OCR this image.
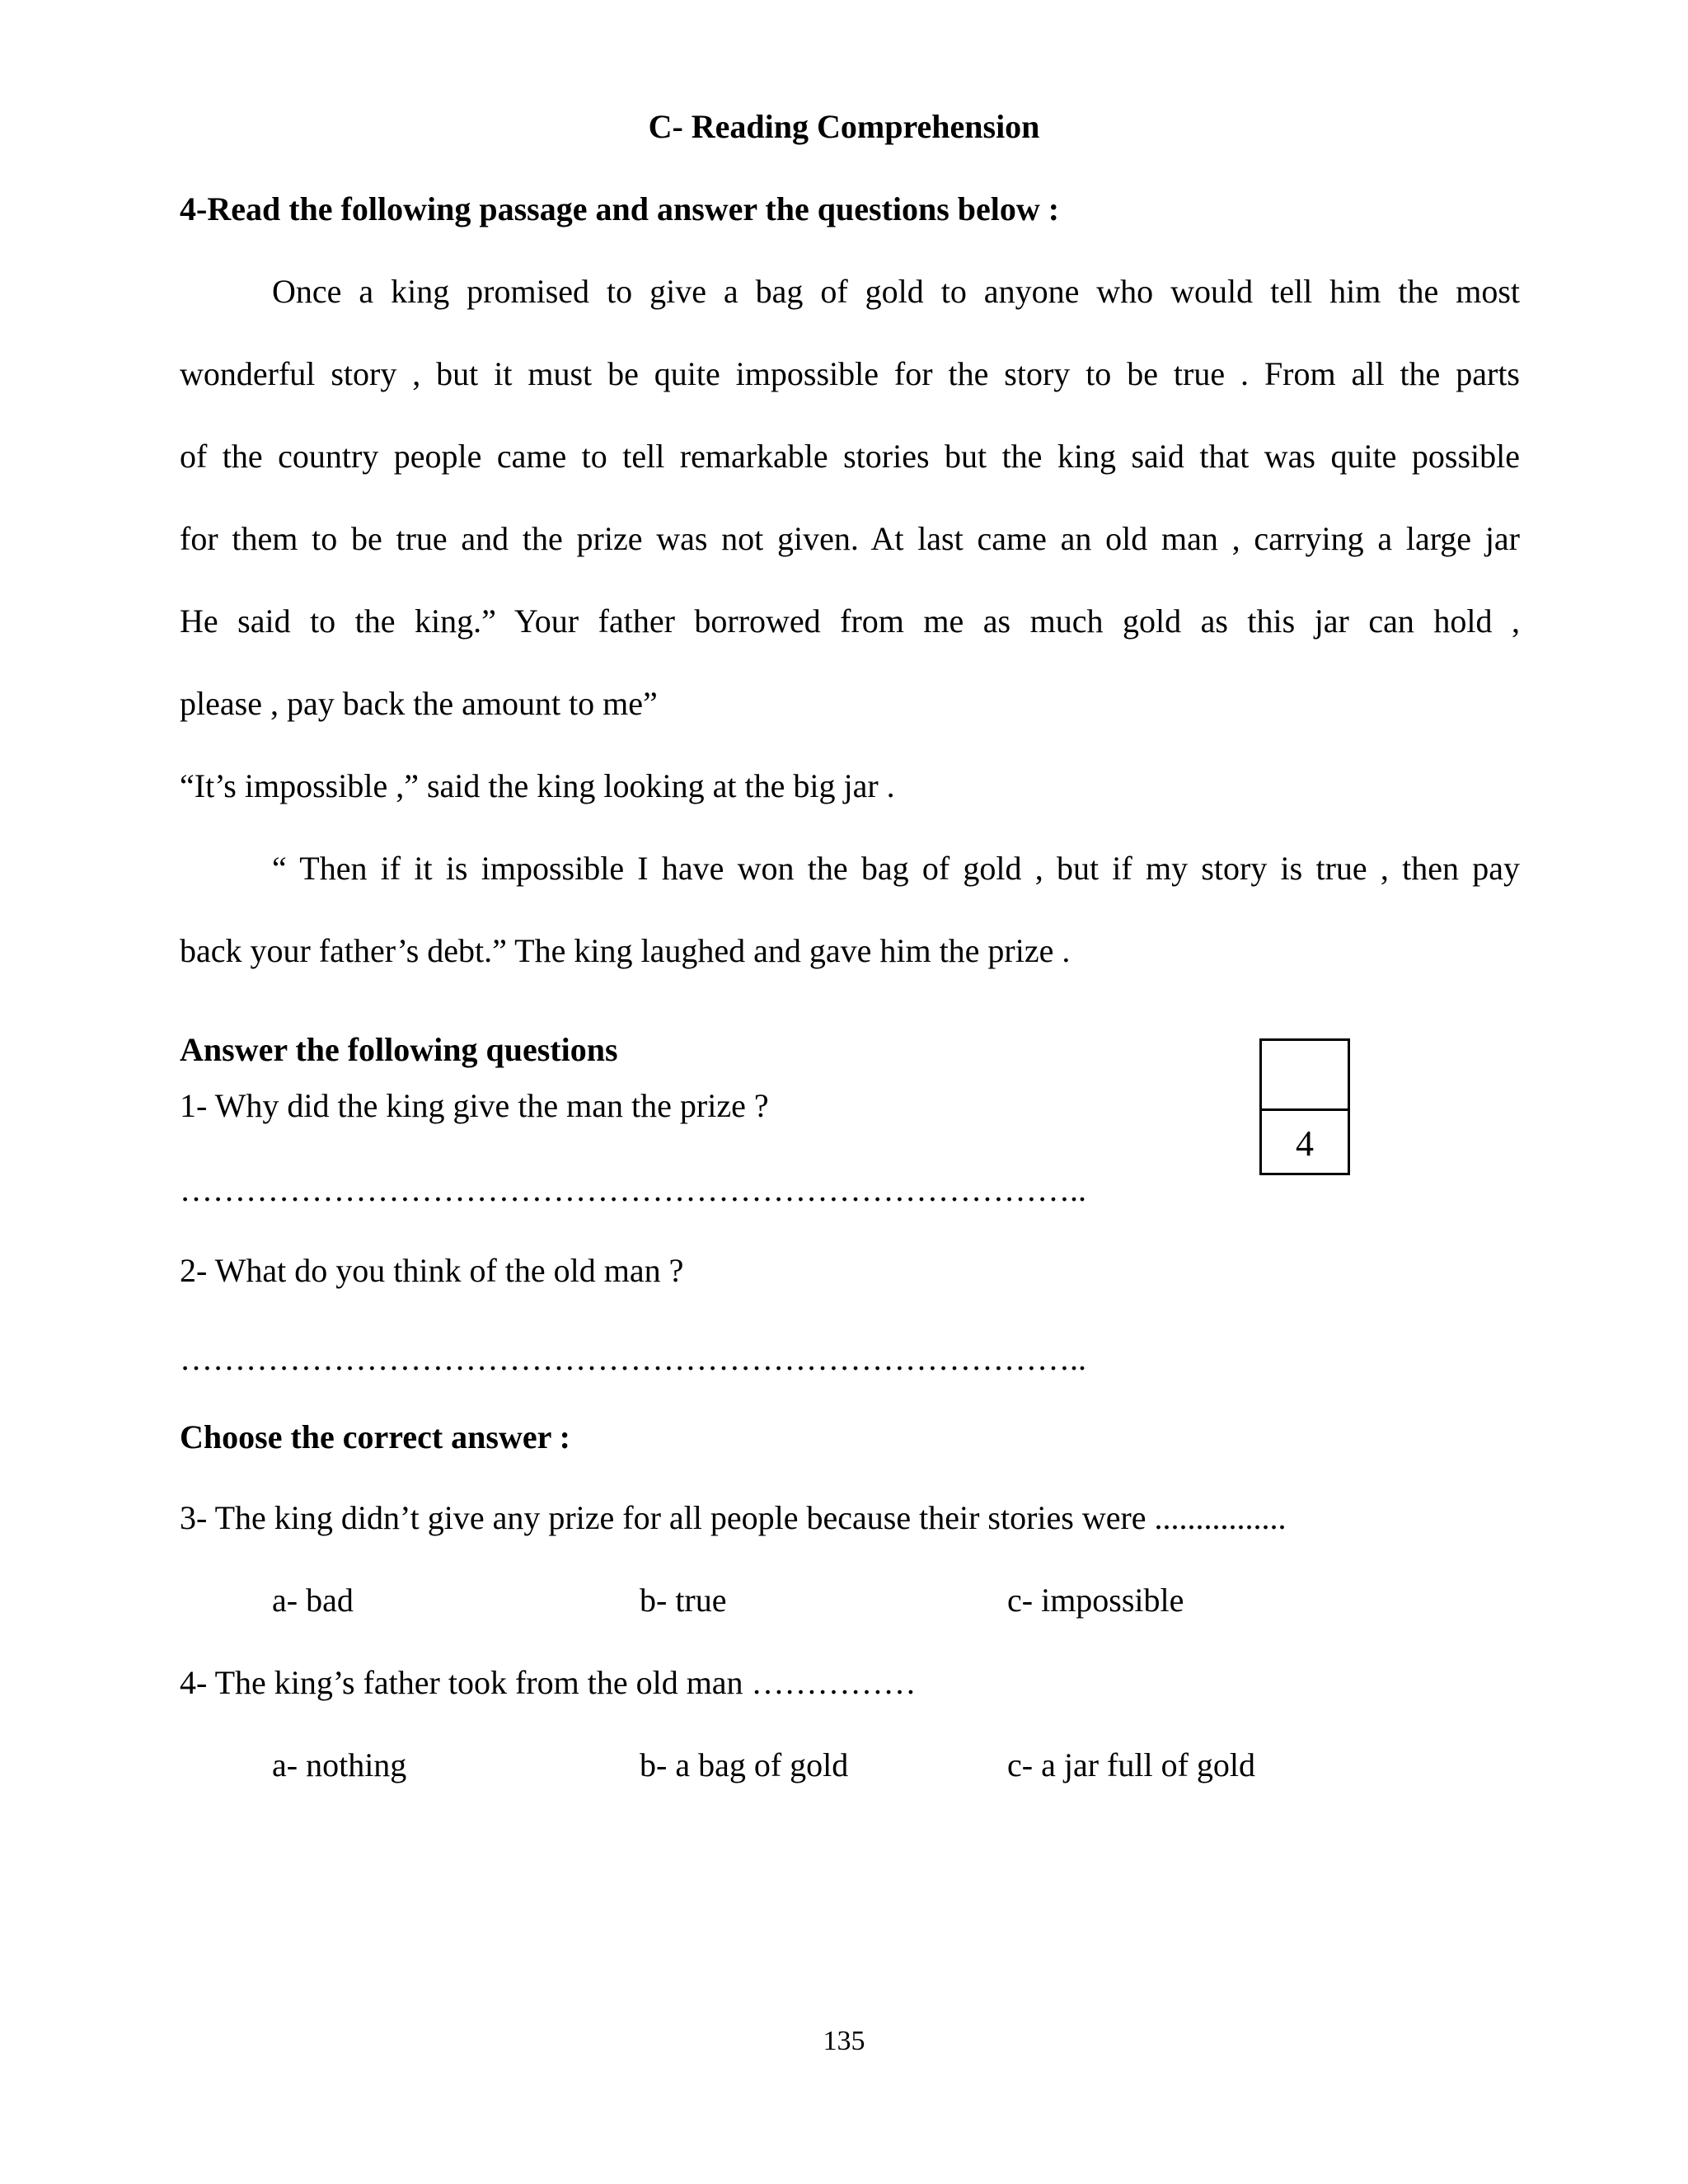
C- Reading Comprehension

4-Read the following passage and answer the questions below :

Once a king promised to give a bag of gold to anyone who would tell him the most

wonderful story , but it must be quite impossible for the story to be true . From all the parts

of the country people came to tell remarkable stories but the king said that was quite possible

for them to be true and the prize was not given. At last came an old man , carrying a large jar

He said to the king.” Your father borrowed from me as much gold as this jar can hold ,

please , pay back the amount to me”

“It’s impossible ,” said the king looking at the big jar .

“ Then if it is impossible I have won the bag of gold , but if my story is true , then pay

back your father’s debt.” The king laughed and gave him the prize .

Answer the following questions

1- Why did the king give the man the prize ?

………………………………………………………………………..

4

2- What do you think of the old man ?

………………………………………………………………………..

Choose the correct answer :

3- The king didn’t give any prize for all people because their stories were ................

a- bad	b- true	c- impossible

4- The king’s father took from the old man ……………

a- nothing	b- a bag of gold	c- a jar full of gold

135
